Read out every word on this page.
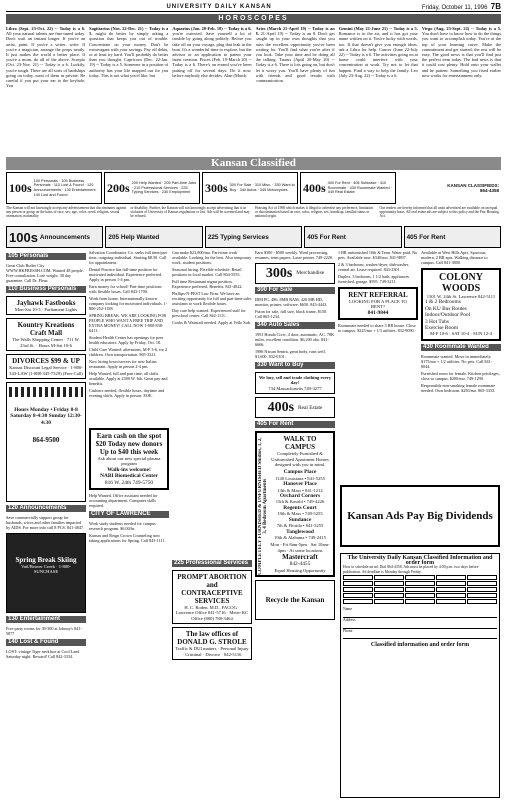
UNIVERSITY DAILY KANSAN	Friday, October 11, 1996 7B
HOROSCOPES
Libra (Sept. 23-Oct. 22) -- Today is a 6. All your natural talents are fine-tuned today. Don't wait an instant longer. If you're an artist, paint. If you're a writer, write. If you're a magician, arrange the props neatly. It just makes the world a better place. If you're a mom, do all of the above. Scorpio (Oct. 23-Nov. 21) -- Today is a 6. Luckily, you're tough. There are all sorts of hardships going on today, most of them in private. Be careful if you put your ear to the keyhole. You
Sagittarius (Nov. 22-Dec. 21) -- Today is a 5. might do better by simply asking a question that keeps you out of trouble. Concentrate on your money. Don't be extravagant with your savings. Pay off debts, or at least try hard. You'll probably do better than you thought. Capricorn (Dec. 22-Jan. 19) -- Today is a 5. Someone in a position of authority has your life mapped out for you today. This is not what you'd like, but
Aquarius (Jan. 20-Feb. 18) -- Today is a 6. you're outvoted. Save yourself a lot of trouble by going along politely. Before you take off on your voyage, plug that leak in the boat. It's a wonderful time to explore, but the advisor or an application to patent your latest creation. Pisces (Feb. 19-March 20) -- Today is a 6. There's an errand you've been putting off for several days. Do it now, before anybody else decides. Alan (March
Aries (March 21-April 19) -- Today is an 8. 21-April 19) -- Today is an 8. Don't get caught up in your own thoughts that you miss the excellent opportunity you've been waiting for. You'll find what you're after if you look. Take your time and be doing all the talking. Taurus (April 20-May 20) -- Today is a 6. There is lots going on, but don't let it worry you. You'll have plenty of fun with friends and good results with communication.
Gemini (May 21-June 21) -- Today is a 5. Romance is in the air, and it has got your name written on it. You're lucky with words, too. If that doesn't give you enough ideas, ask a Libra for help. Cancer (June 22-July 22) -- Today is a 6. The activities going on at home could interfere with your concentration at work. Try not to let that happen. Find a way to help the family. Leo (July 23-Aug. 22) -- Today is a 6.
Virgo (Aug. 23-Sept. 22) -- Today is a 5. You don't have to know how to do the things you want to accomplish today. You're at the top of your learning curve. Make the commitment and get started; the rest will be easy. The good news is that you'll find just the perfect item today. The bad news is that it could cost plenty. Hold onto your wallet and be patient. Something you fixed earlier now works for entertainment only.
Kansan Classified
100s 100 Personals · 105 Business Personals · 110 Lost & Found · 120 Announcements · 130 Entertainment · 140 Lost and Found
200s 200 Help Wanted · 205 Part-time Jobs · 210 Professional Services · 225 Typing Services · 230 Employment	300s 300 For Sale · 310 Misc. · 330 Want to Buy · 340 Autos · 345 Motorcycles	400s 400 For Rent · 405 Sublease · 410 Roommate · 430 Roommate Wanted · 440 Real Estate
KANSAN CLASSIFIEDS:
864-4358
The Kansan will not knowingly accept any advertisement that discriminates against any person or group on the basis of race, sex, age, color, creed, religion, sexual orientation, nationality
or disability. Further, the Kansan will not knowingly accept advertising that is in violation of University of Kansas regulations or law. Ads will be screened and may be refused.
Housing Act of 1968 which makes it illegal to advertise any preference, limitation or discrimination based on race, color, religion, sex, handicap, familial status or national origin.
Our readers are hereby informed that all units advertised are available on an equal opportunity basis. All real estate ads are subject to this policy and the Fair Housing Act.
100s Announcements	205 Help Wanted	225 Typing Services	405 For Rent	405 For Rent
105 Personals

Great Club Buffet City WWW.HKFRESSH.COM. Wanted 48 people. Free consultation. Lose weight. 30 day guarantee. Call Dr. Fleur.

110 Business Personals
Jayhawk Fastbooks
Mon-Sat 10-5 · Parliament Lights
Kountry Kreations Craft Mall
The Walls Shopping Center · 711 W. 23rd St. · Hours M-Sat 10-6
DIVORCES $99 & UP
Kansas Discount Legal Service · 1-800-343-LAW (1-888-345-7529) (Free Call)
Hours Monday • Friday 8-8 Saturday 8-4:30 Sunday 12:30-4:30
864-9500
120 Announcements

Save commercially support group for husbands, wives and other families impacted by AIDS. For more info call 8 PCS. 841-4847.

Spring Break Skiing
Vail/Beaver Creek · 1-800-SUNCHASE
130 Entertainment

Free party rooms for 30-300 at Johnny's 841-5877

140 Lost & Found

LOST: vintage Tiger necklace at Cool Land Saturday night. Reward! Call 842-3334.

Salvation Coordinator. Co. seeks full time/part time, outgoing individual. Starting $8.50. Call for appointment.

Dental Practice has full-time position for motivated individual. Experience preferred. Apply in person 1-4 pm.

Earn money for school! Part-time positions with flexible hours. Call 843-1700.

Work from home. Internationally known company looking for motivated individuals. 1-800-252-1188.

SPRING BREAK. WE ARE LOOKING FOR PEOPLE WHO WANT A FREE TRIP AND EXTRA MONEY! CALL NOW 1-800-838-6411.

Student Health Center has openings for peer health educators. Apply by Friday, Oct. 18.

Child Care Wanted: afternoons, M-F 3-6, for 2 children. Own transportation. 865-3321.

Now hiring hosts/servers for new Italian restaurant. Apply in person 2-4 pm.

Help Wanted, full and part time, all shifts available. Apply at 2300 W. 6th. Great pay and benefits.

Cashiers needed, flexible hours, daytime and evening shifts. Apply in person. EOE.

Earn cash on the spot $20 Today new donors Up to $40 this week
Ask about our new special plasma program
Walk-ins welcome!
NABI Biomedical Center
816 W. 24th 749-5750

Help Wanted. Office assistant needed for accounting department. Computer skills required.

CITY OF LAWRENCE

Work study students needed for campus research program. $6.00/hr.

Kansas and Reign Crown Counseling now taking applications for Spring. Call 843-1111.

Can make $23,000/mo. Part-time work available. Looking for the best. Also temporary work, student positions.

Seasonal hiring. Flexible schedule. Retail positions in local market. Call 864-5555.

Full time Restaurant mgmt position. Experience preferred. Benefits. 841-4022.

Phillips-N-PEST Law Firm. We have an exciting opportunity for full and part-time sales assistants to work flexible hours.

Day care help wanted. Experienced staff for preschool center. Call 842-1111.

Cooks & Waitstaff needed. Apply at Yello Sub.

225 Professional Services
PROMPT ABORTION and CONTRACEPTIVE SERVICES
H. C. Roden, M.D., FACOG · Lawrence Office 841-5716 · Metro KC Office (800) 780-3464
The law offices of DONALD G. STROLE
Traffic & DUI matters · Personal Injury · Criminal · Divorce · 842-5116

Earn $300 - $500 weekly. Word processing, resumes, term papers. Laser printer. 749-2220.

300s Merchandise
300 For Sale

IBM PC, 486, 8MB RAM, 420 MB HD, monitor, printer, software. $650. 843-4443.

Futon for sale, full size, black frame, $150. Call 865-1234.

340 Auto Sales

1991 Honda Civic, 4 door, automatic, AC, 78K miles, excellent condition. $6,200 obo. 841-6666.

1986 Nissan Sentra, great body, runs well. $1,600. 832-0101.

330 Want to Buy
We buy, sell and trade clothing every day!
734 Massachusetts 749-3277
400s Real Estate
405 For Rent
COMPLETELY FURNISHED & UNFURNISHED Studios, 1, 2, 3, 4 Bedroom Apartments
WALK TO CAMPUS
Completely Furnished & Unfurnished Apartment Homes designed with you in mind.
Campus Place
1140 Louisiana • 841-5255
Hanover Place
14th & Mass • 841-1212
Orchard Corners
15th & Kasold • 749-4226
Regents Court
19th & Mass • 749-5255
Sundance
7th & Florida • 841-5255
Tanglewood
19th & Alabama • 749-2415
Mon - Fri 8am-5pm · Sat 10am-4pm · At some locations
Mastercraft
842-4455
Equal Housing Opportunity
Recycle the Kansan

1 BR unfurnished 10th & Tenn. Water paid. No pets. Available now. $340/mo. 841-9897.

2 & 3 bedroom, washer/dryer, dishwasher, central air. Lease required. 843-2301.

Duplex. 3 bedroom, 1 1/2 bath, appliances furnished, garage. $595. 749-3211.

RENT REFERRAL
LOOKING FOR A PLACE TO RENT?
841-9844

Roommate needed to share 3 BR house. Close to campus. $225/mo + 1/3 utilities. 832-9090.

Available at West Hills Apts. Spacious, modern, 2 BR apts. Walking distance to campus. Call 841-3800.

COLONY WOODS
1301 W. 24th St. Lawrence 842-5111
1 & 2 Bedrooms
On KU Bus Routes
Indoor/Outdoor Pool
3 Hot Tubs
Exercise Room
M-F 10-6 · SAT 10-4 · SUN 12-4
430 Roommate Wanted

Roommate wanted. Move in immediately. $175/mo + 1/2 utilities. No pets. Call 841-0044.

Furnished room for female. Kitchen privileges, close to campus. $200/mo. 749-1290.

Responsible non-smoking female roommate needed. Own bedroom. $250/mo. 865-3333.

Kansan Ads Pay Big Dividends
The University Daily Kansan Classified Information and order form
How to schedule an ad: Dial 864-4358. Ads must be placed by 4:00 p.m. two days before publication. Ad deadline is Monday through Friday.
Name
Address
Phone
Classified information and order form
